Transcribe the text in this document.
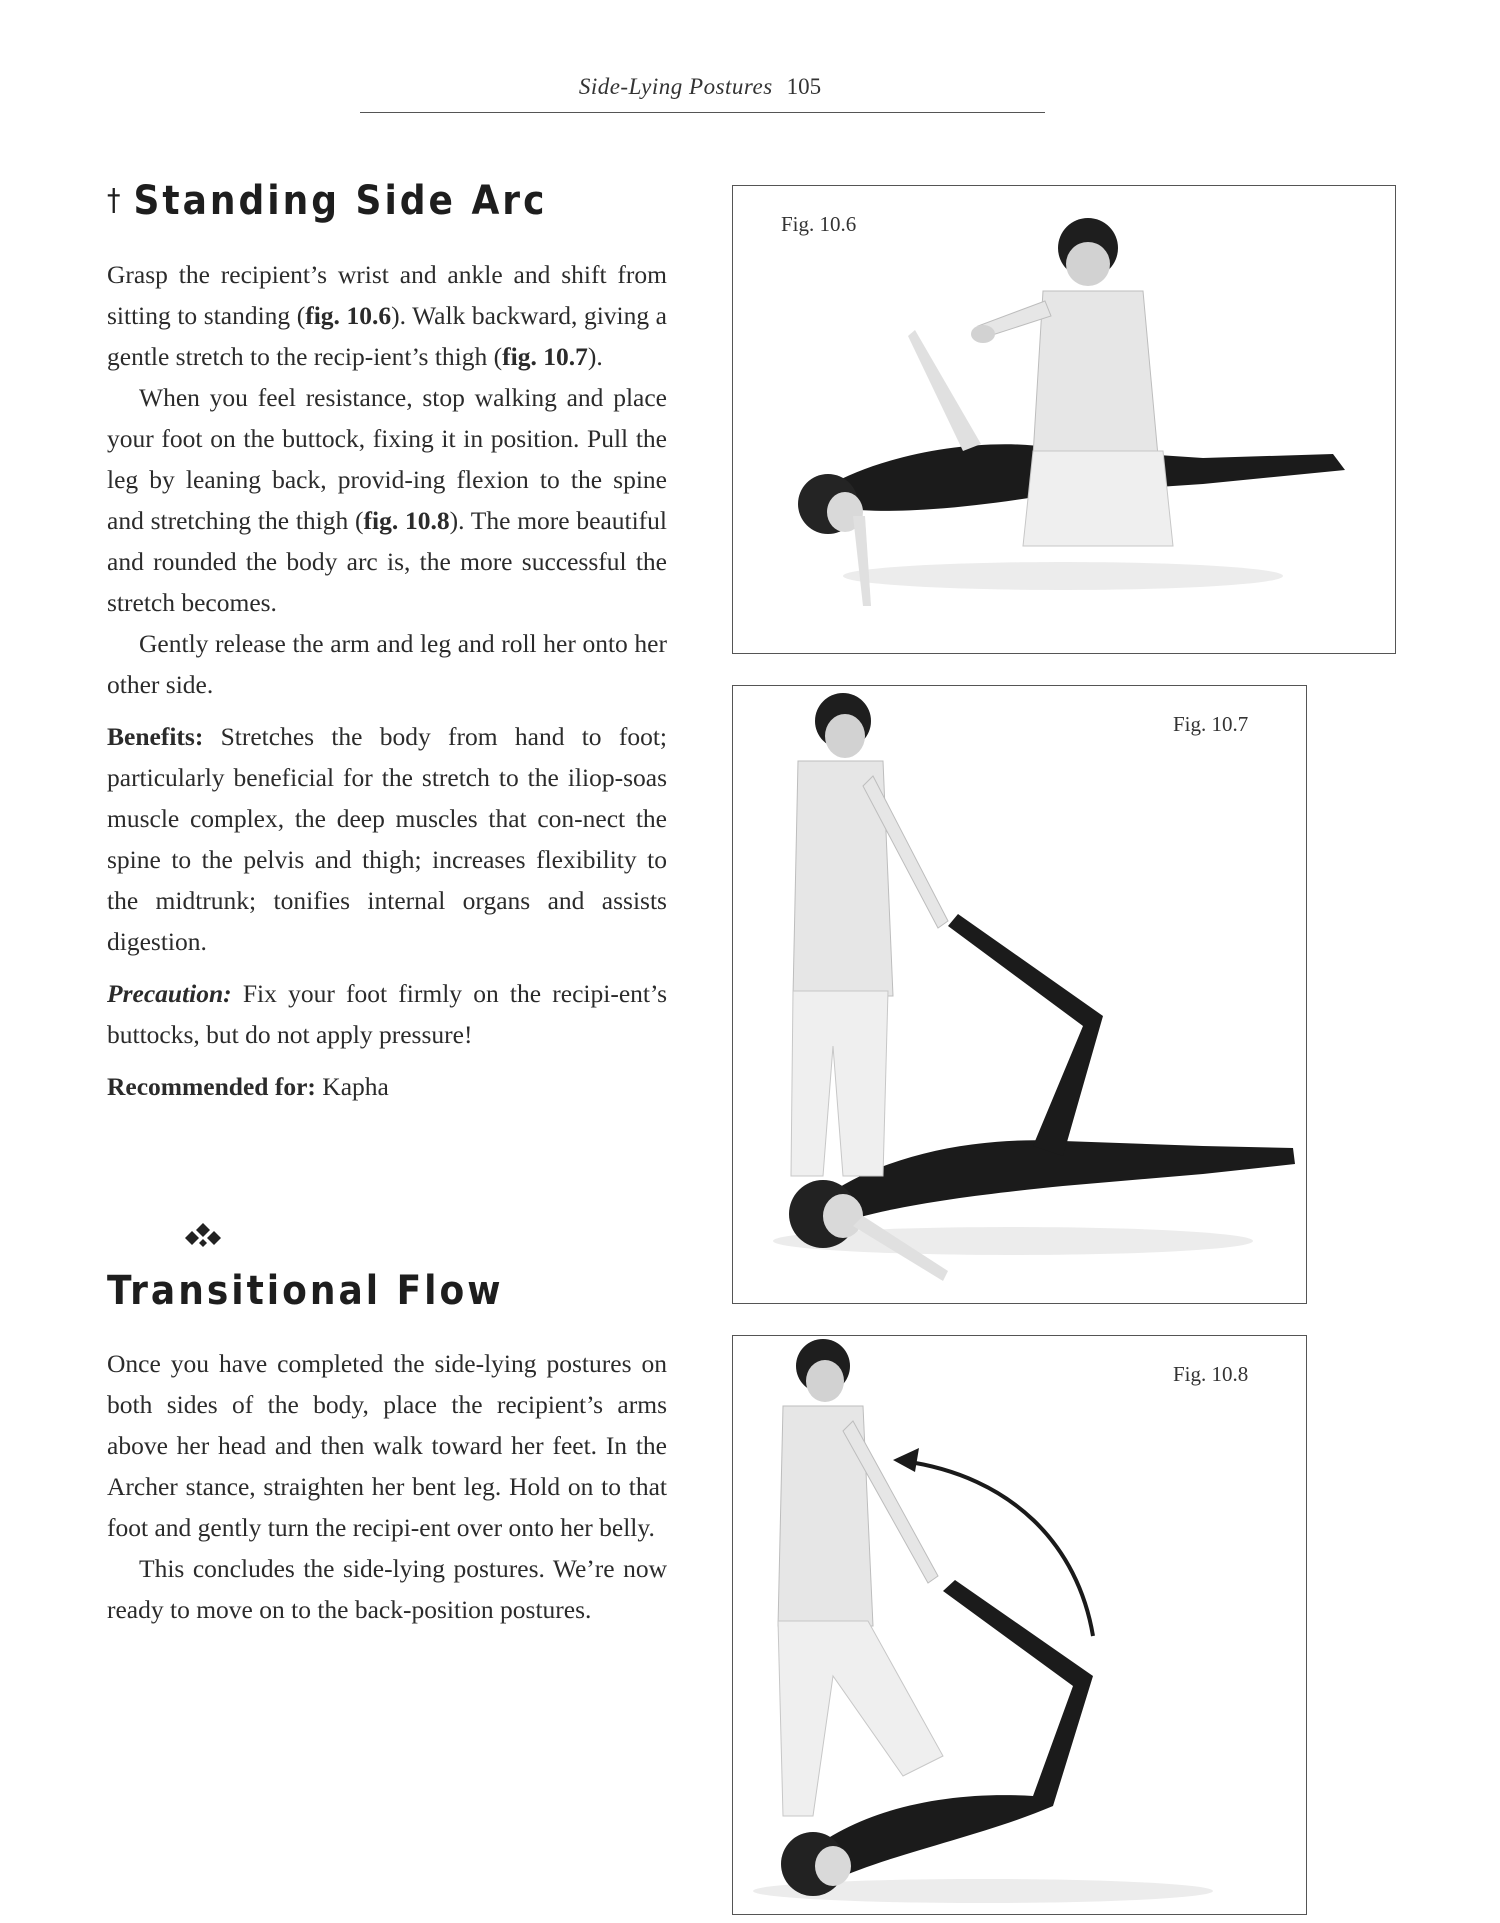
Side-Lying Postures 105
† Standing Side Arc

Grasp the recipient’s wrist and ankle and shift from sitting to standing (fig. 10.6). Walk backward, giving a gentle stretch to the recip-ient’s thigh (fig. 10.7).

When you feel resistance, stop walking and place your foot on the buttock, fixing it in position. Pull the leg by leaning back, provid-ing flexion to the spine and stretching the thigh (fig. 10.8). The more beautiful and rounded the body arc is, the more successful the stretch becomes.

Gently release the arm and leg and roll her onto her other side.

Benefits: Stretches the body from hand to foot; particularly beneficial for the stretch to the iliop-soas muscle complex, the deep muscles that con-nect the spine to the pelvis and thigh; increases flexibility to the midtrunk; tonifies internal organs and assists digestion.

Precaution: Fix your foot firmly on the recipi-ent’s buttocks, but do not apply pressure!

Recommended for: Kapha

Transitional Flow

Once you have completed the side-lying postures on both sides of the body, place the recipient’s arms above her head and then walk toward her feet. In the Archer stance, straighten her bent leg. Hold on to that foot and gently turn the recipi-ent over onto her belly.

This concludes the side-lying postures. We’re now ready to move on to the back-position postures.

Fig. 10.6
Fig. 10.7
Fig. 10.8
